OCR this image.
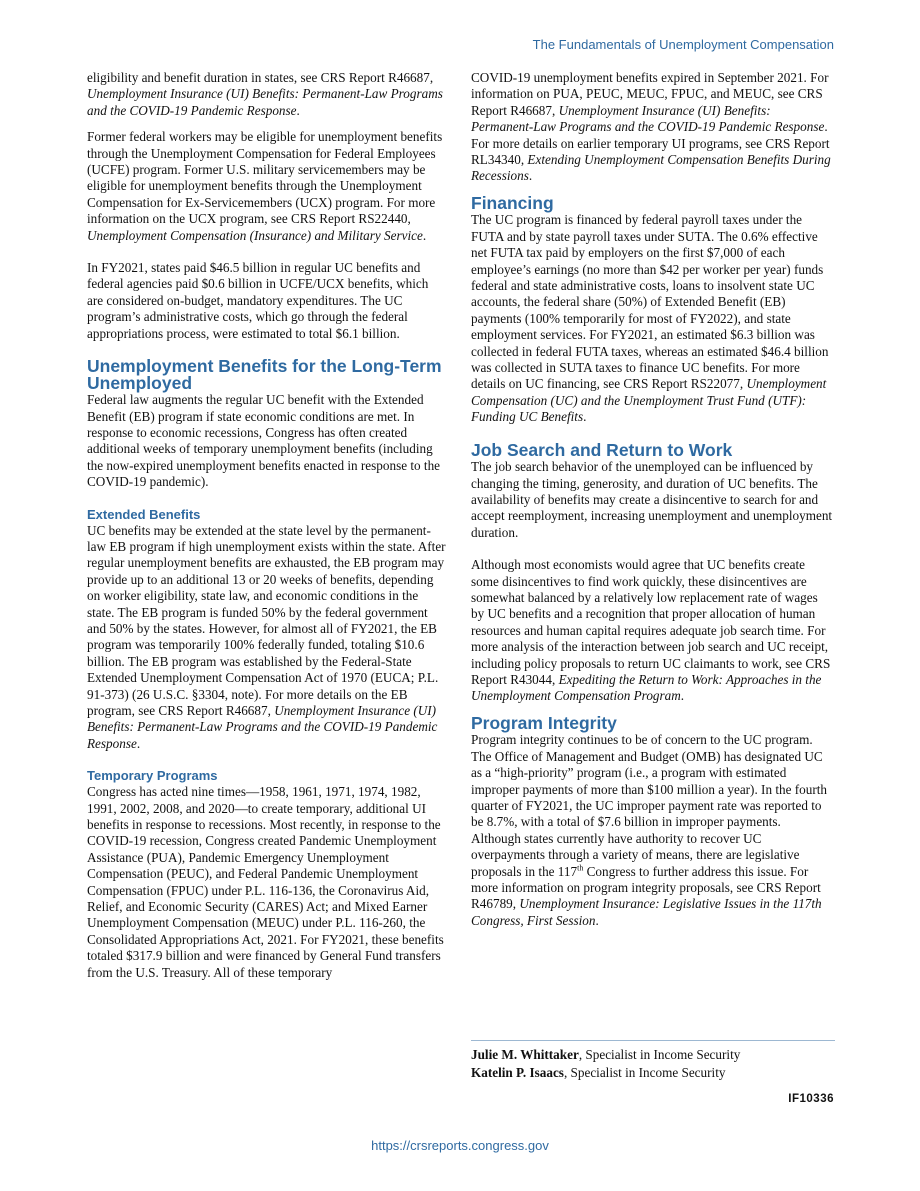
The Fundamentals of Unemployment Compensation

eligibility and benefit duration in states, see CRS Report R46687, Unemployment Insurance (UI) Benefits: Permanent-Law Programs and the COVID-19 Pandemic Response.

Former federal workers may be eligible for unemployment benefits through the Unemployment Compensation for Federal Employees (UCFE) program. Former U.S. military servicemembers may be eligible for unemployment benefits through the Unemployment Compensation for Ex-Servicemembers (UCX) program. For more information on the UCX program, see CRS Report RS22440, Unemployment Compensation (Insurance) and Military Service.

In FY2021, states paid $46.5 billion in regular UC benefits and federal agencies paid $0.6 billion in UCFE/UCX benefits, which are considered on-budget, mandatory expenditures. The UC program’s administrative costs, which go through the federal appropriations process, were estimated to total $6.1 billion.

Unemployment Benefits for the Long-Term Unemployed

Federal law augments the regular UC benefit with the Extended Benefit (EB) program if state economic conditions are met. In response to economic recessions, Congress has often created additional weeks of temporary unemployment benefits (including the now-expired unemployment benefits enacted in response to the COVID-19 pandemic).

Extended Benefits

UC benefits may be extended at the state level by the permanent-law EB program if high unemployment exists within the state. After regular unemployment benefits are exhausted, the EB program may provide up to an additional 13 or 20 weeks of benefits, depending on worker eligibility, state law, and economic conditions in the state. The EB program is funded 50% by the federal government and 50% by the states. However, for almost all of FY2021, the EB program was temporarily 100% federally funded, totaling $10.6 billion. The EB program was established by the Federal-State Extended Unemployment Compensation Act of 1970 (EUCA; P.L. 91-373) (26 U.S.C. §3304, note). For more details on the EB program, see CRS Report R46687, Unemployment Insurance (UI) Benefits: Permanent-Law Programs and the COVID-19 Pandemic Response.

Temporary Programs

Congress has acted nine times—1958, 1961, 1971, 1974, 1982, 1991, 2002, 2008, and 2020—to create temporary, additional UI benefits in response to recessions. Most recently, in response to the COVID-19 recession, Congress created Pandemic Unemployment Assistance (PUA), Pandemic Emergency Unemployment Compensation (PEUC), and Federal Pandemic Unemployment Compensation (FPUC) under P.L. 116-136, the Coronavirus Aid, Relief, and Economic Security (CARES) Act; and Mixed Earner Unemployment Compensation (MEUC) under P.L. 116-260, the Consolidated Appropriations Act, 2021. For FY2021, these benefits totaled $317.9 billion and were financed by General Fund transfers from the U.S. Treasury. All of these temporary

COVID-19 unemployment benefits expired in September 2021. For information on PUA, PEUC, MEUC, FPUC, and MEUC, see CRS Report R46687, Unemployment Insurance (UI) Benefits: Permanent-Law Programs and the COVID-19 Pandemic Response. For more details on earlier temporary UI programs, see CRS Report RL34340, Extending Unemployment Compensation Benefits During Recessions.

Financing

The UC program is financed by federal payroll taxes under the FUTA and by state payroll taxes under SUTA. The 0.6% effective net FUTA tax paid by employers on the first $7,000 of each employee’s earnings (no more than $42 per worker per year) funds federal and state administrative costs, loans to insolvent state UC accounts, the federal share (50%) of Extended Benefit (EB) payments (100% temporarily for most of FY2022), and state employment services. For FY2021, an estimated $6.3 billion was collected in federal FUTA taxes, whereas an estimated $46.4 billion was collected in SUTA taxes to finance UC benefits. For more details on UC financing, see CRS Report RS22077, Unemployment Compensation (UC) and the Unemployment Trust Fund (UTF): Funding UC Benefits.

Job Search and Return to Work

The job search behavior of the unemployed can be influenced by changing the timing, generosity, and duration of UC benefits. The availability of benefits may create a disincentive to search for and accept reemployment, increasing unemployment and unemployment duration.

Although most economists would agree that UC benefits create some disincentives to find work quickly, these disincentives are somewhat balanced by a relatively low replacement rate of wages by UC benefits and a recognition that proper allocation of human resources and human capital requires adequate job search time. For more analysis of the interaction between job search and UC receipt, including policy proposals to return UC claimants to work, see CRS Report R43044, Expediting the Return to Work: Approaches in the Unemployment Compensation Program.

Program Integrity

Program integrity continues to be of concern to the UC program. The Office of Management and Budget (OMB) has designated UC as a “high-priority” program (i.e., a program with estimated improper payments of more than $100 million a year). In the fourth quarter of FY2021, the UC improper payment rate was reported to be 8.7%, with a total of $7.6 billion in improper payments. Although states currently have authority to recover UC overpayments through a variety of means, there are legislative proposals in the 117th Congress to further address this issue. For more information on program integrity proposals, see CRS Report R46789, Unemployment Insurance: Legislative Issues in the 117th Congress, First Session.

Julie M. Whittaker, Specialist in Income Security
Katelin P. Isaacs, Specialist in Income Security
IF10336
https://crsreports.congress.gov
